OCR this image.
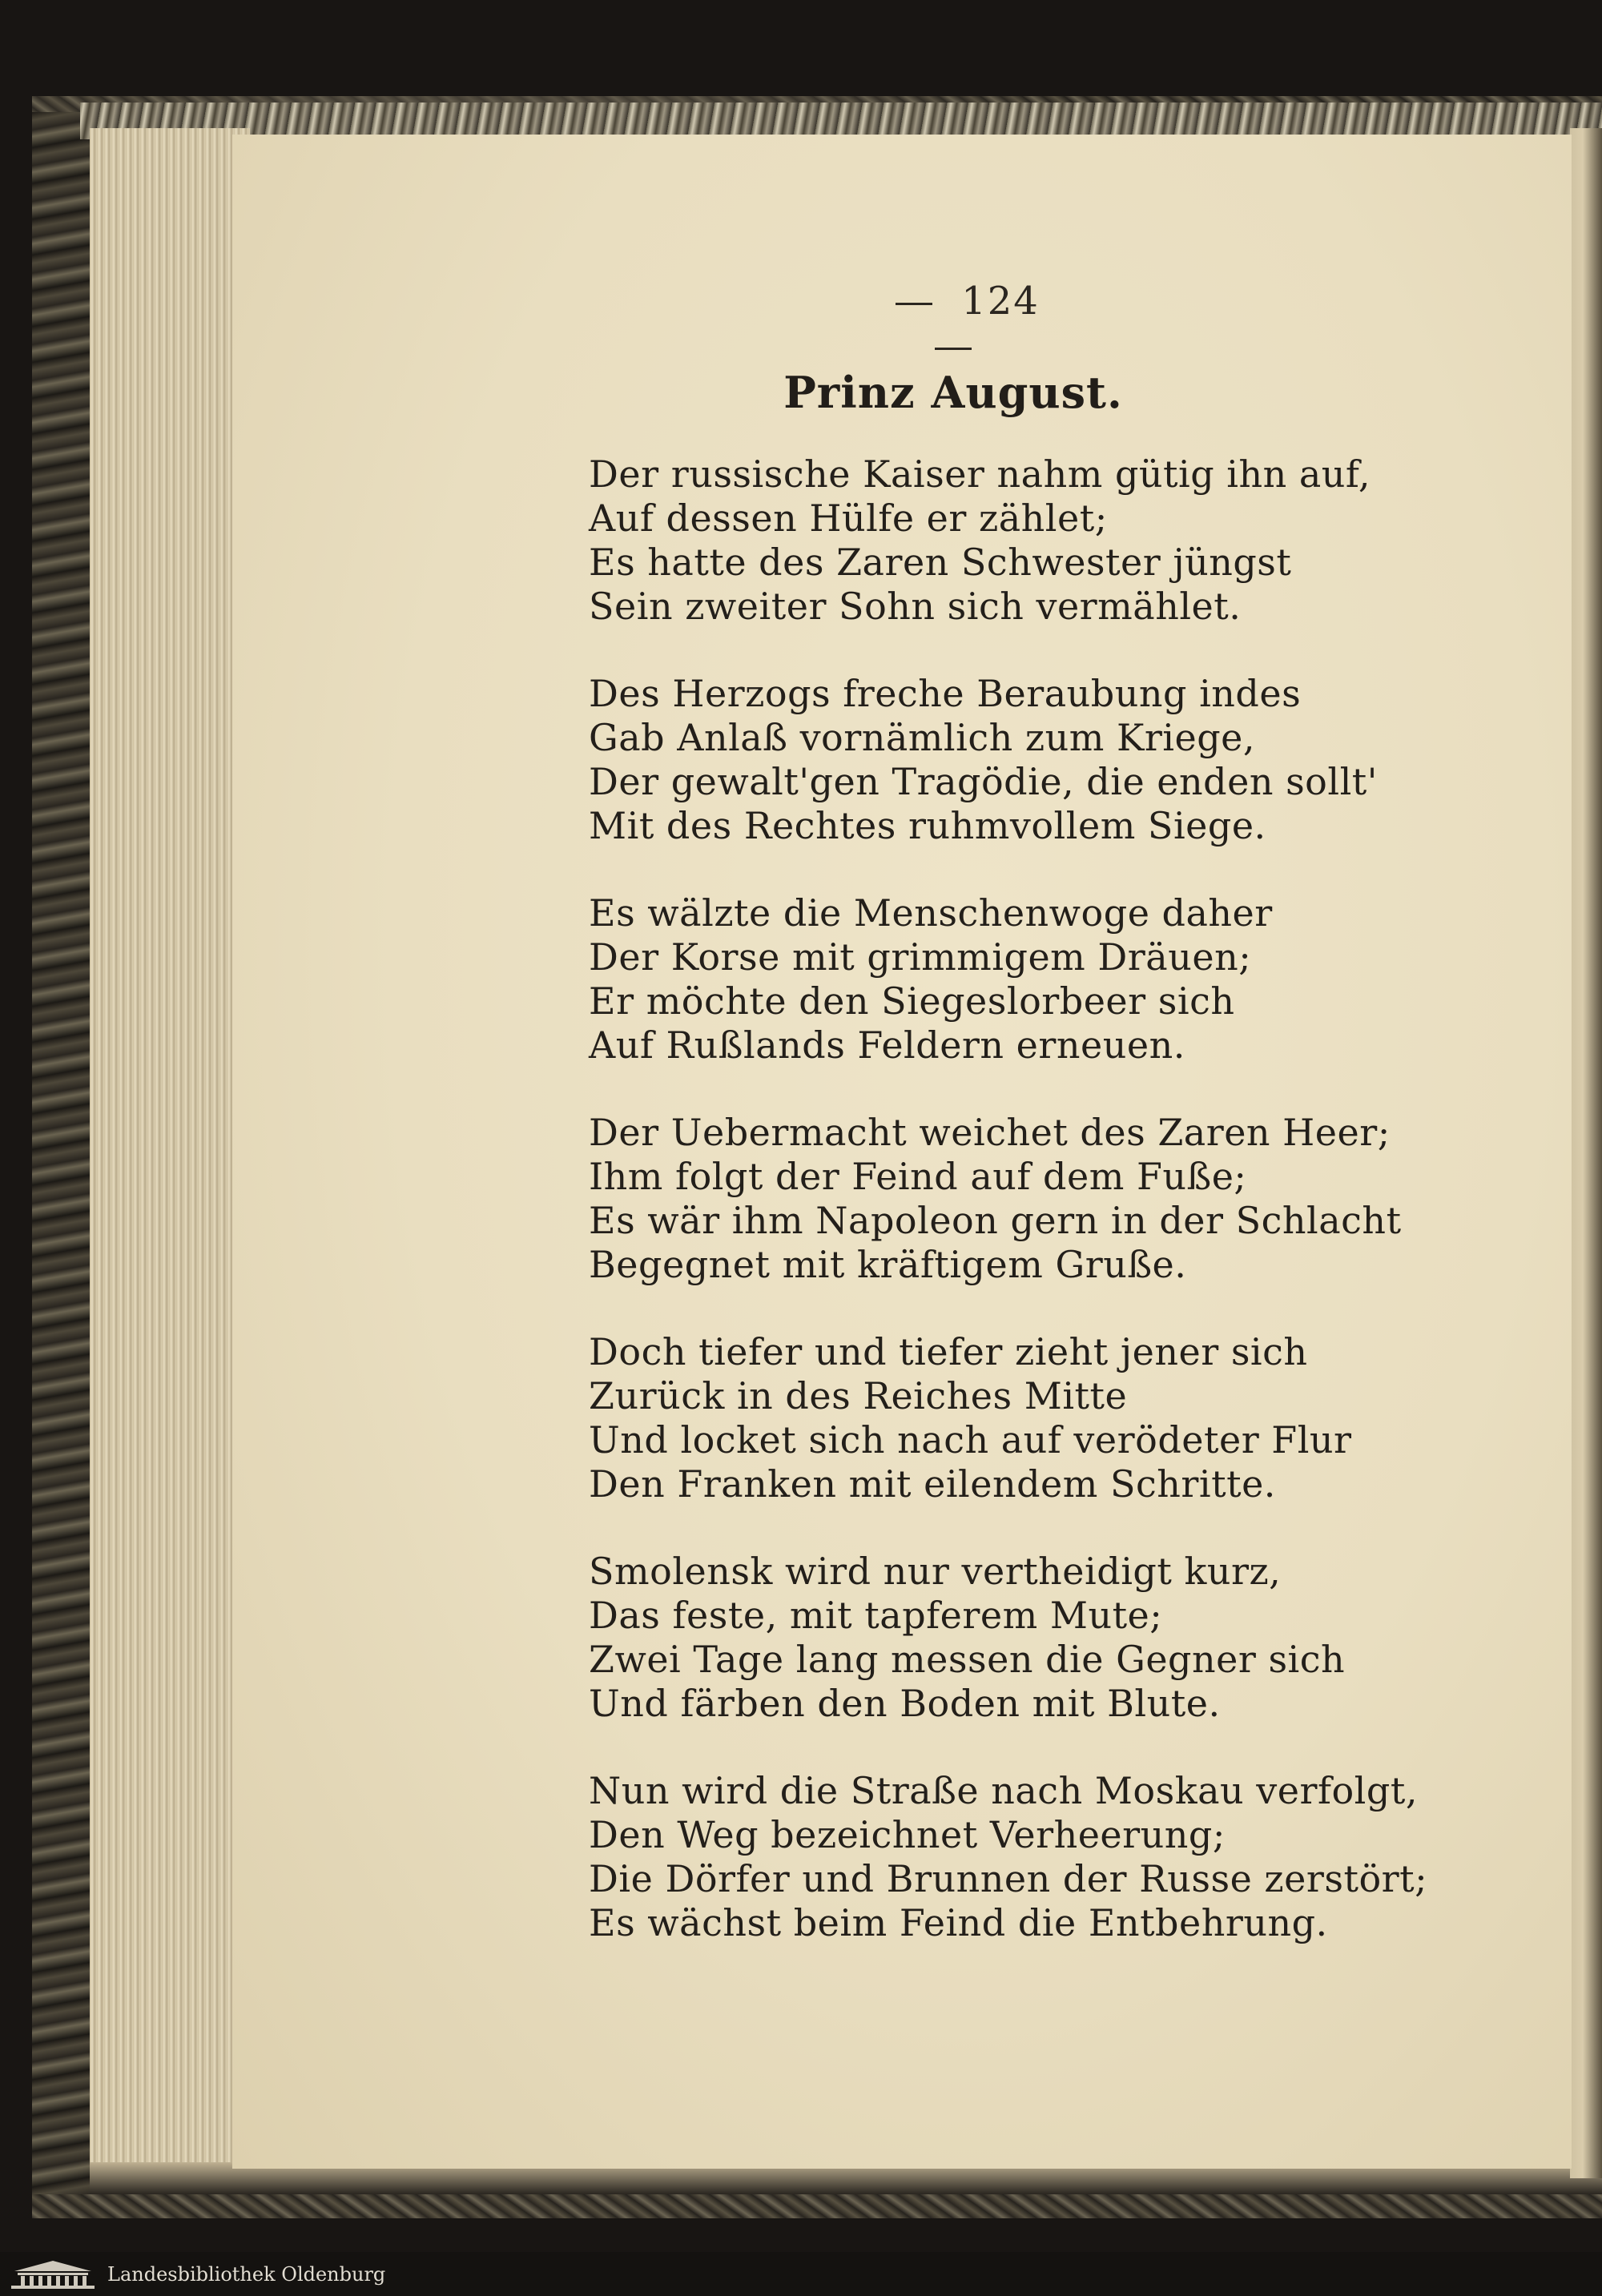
124
Prinz August.
Der russische Kaiser nahm gütig ihn auf,
Auf dessen Hülfe er zählet;
Es hatte des Zaren Schwester jüngst
Sein zweiter Sohn sich vermählet.
Des Herzogs freche Beraubung indes
Gab Anlaß vornämlich zum Kriege,
Der gewalt'gen Tragödie, die enden sollt'
Mit des Rechtes ruhmvollem Siege.
Es wälzte die Menschenwoge daher
Der Korse mit grimmigem Dräuen;
Er möchte den Siegeslorbeer sich
Auf Rußlands Feldern erneuen.
Der Uebermacht weichet des Zaren Heer;
Ihm folgt der Feind auf dem Fuße;
Es wär ihm Napoleon gern in der Schlacht
Begegnet mit kräftigem Gruße.
Doch tiefer und tiefer zieht jener sich
Zurück in des Reiches Mitte
Und locket sich nach auf verödeter Flur
Den Franken mit eilendem Schritte.
Smolensk wird nur vertheidigt kurz,
Das feste, mit tapferem Mute;
Zwei Tage lang messen die Gegner sich
Und färben den Boden mit Blute.
Nun wird die Straße nach Moskau verfolgt,
Den Weg bezeichnet Verheerung;
Die Dörfer und Brunnen der Russe zerstört;
Es wächst beim Feind die Entbehrung.
Landesbibliothek Oldenburg
